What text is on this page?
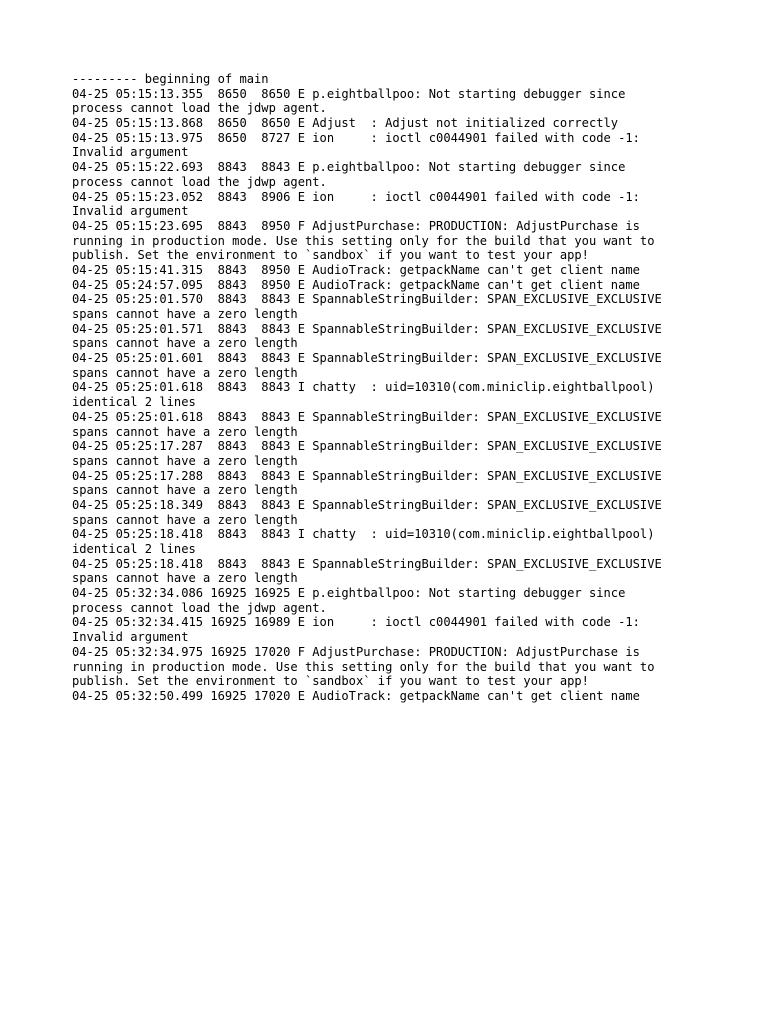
--------- beginning of main
04-25 05:15:13.355  8650  8650 E p.eightballpoo: Not starting debugger since
process cannot load the jdwp agent.
04-25 05:15:13.868  8650  8650 E Adjust  : Adjust not initialized correctly
04-25 05:15:13.975  8650  8727 E ion     : ioctl c0044901 failed with code -1:
Invalid argument
04-25 05:15:22.693  8843  8843 E p.eightballpoo: Not starting debugger since
process cannot load the jdwp agent.
04-25 05:15:23.052  8843  8906 E ion     : ioctl c0044901 failed with code -1:
Invalid argument
04-25 05:15:23.695  8843  8950 F AdjustPurchase: PRODUCTION: AdjustPurchase is
running in production mode. Use this setting only for the build that you want to
publish. Set the environment to `sandbox` if you want to test your app!
04-25 05:15:41.315  8843  8950 E AudioTrack: getpackName can't get client name
04-25 05:24:57.095  8843  8950 E AudioTrack: getpackName can't get client name
04-25 05:25:01.570  8843  8843 E SpannableStringBuilder: SPAN_EXCLUSIVE_EXCLUSIVE
spans cannot have a zero length
04-25 05:25:01.571  8843  8843 E SpannableStringBuilder: SPAN_EXCLUSIVE_EXCLUSIVE
spans cannot have a zero length
04-25 05:25:01.601  8843  8843 E SpannableStringBuilder: SPAN_EXCLUSIVE_EXCLUSIVE
spans cannot have a zero length
04-25 05:25:01.618  8843  8843 I chatty  : uid=10310(com.miniclip.eightballpool)
identical 2 lines
04-25 05:25:01.618  8843  8843 E SpannableStringBuilder: SPAN_EXCLUSIVE_EXCLUSIVE
spans cannot have a zero length
04-25 05:25:17.287  8843  8843 E SpannableStringBuilder: SPAN_EXCLUSIVE_EXCLUSIVE
spans cannot have a zero length
04-25 05:25:17.288  8843  8843 E SpannableStringBuilder: SPAN_EXCLUSIVE_EXCLUSIVE
spans cannot have a zero length
04-25 05:25:18.349  8843  8843 E SpannableStringBuilder: SPAN_EXCLUSIVE_EXCLUSIVE
spans cannot have a zero length
04-25 05:25:18.418  8843  8843 I chatty  : uid=10310(com.miniclip.eightballpool)
identical 2 lines
04-25 05:25:18.418  8843  8843 E SpannableStringBuilder: SPAN_EXCLUSIVE_EXCLUSIVE
spans cannot have a zero length
04-25 05:32:34.086 16925 16925 E p.eightballpoo: Not starting debugger since
process cannot load the jdwp agent.
04-25 05:32:34.415 16925 16989 E ion     : ioctl c0044901 failed with code -1:
Invalid argument
04-25 05:32:34.975 16925 17020 F AdjustPurchase: PRODUCTION: AdjustPurchase is
running in production mode. Use this setting only for the build that you want to
publish. Set the environment to `sandbox` if you want to test your app!
04-25 05:32:50.499 16925 17020 E AudioTrack: getpackName can't get client name
